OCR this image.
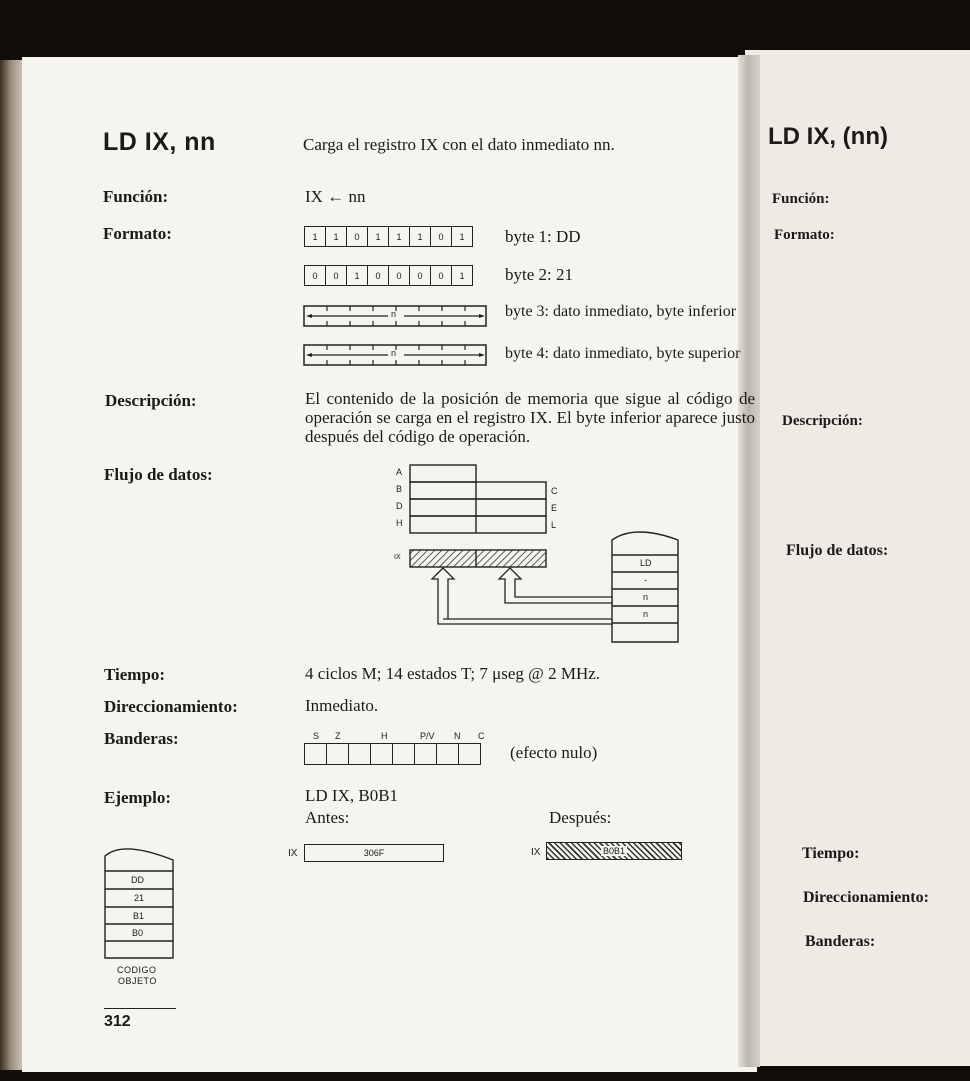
LD IX, nn	Carga el registro IX con el dato inmediato nn.
Función:	IX ← nn
Formato:	1	1	0	1	1	1	0	1	byte 1: DD
0	0	1	0	0	0	0	1	byte 2: 21
n	byte 3: dato inmediato, byte inferior
n	byte 4: dato inmediato, byte superior
Descripción:	El contenido de la posición de memoria que sigue al código de operación se carga en el registro IX. El byte inferior aparece justo después del código de operación.

Flujo de datos:	A
B
D
H
C
E
L
IX
LD
-
n
n
Tiempo:	4 ciclos M; 14 estados T; 7 μseg @ 2 MHz.
Direccionamiento:	Inmediato.
Banderas:	S Z	H	P/V N C
(efecto nulo)
Ejemplo:	LD IX, B0B1
Antes:	Después:
IX	306F	IX	B0B1
DD
21
B1
B0
CODIGO
OBJETO
312
LD IX, (nn)
Función:
Formato:
Descripción:
Flujo de datos:
Tiempo:
Direccionamiento:
Banderas:
